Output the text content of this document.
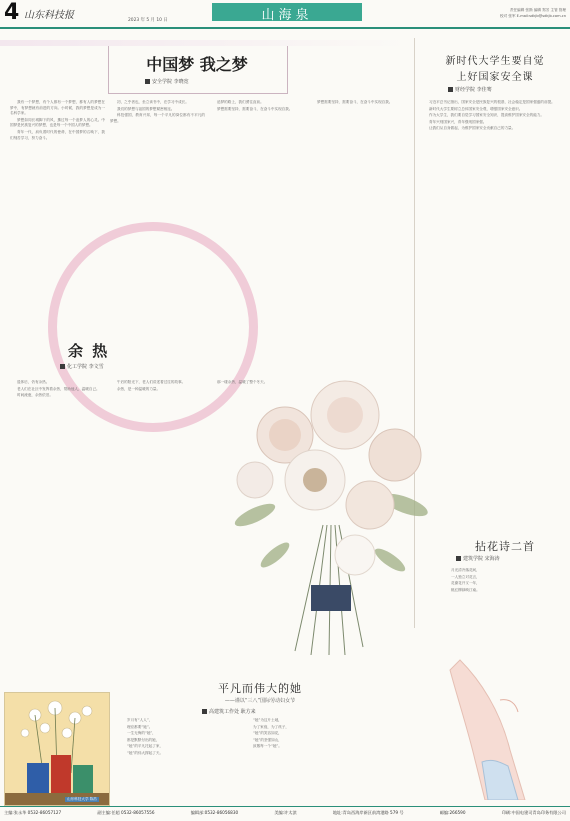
4 山东科技报	2023 年 5 月 10 日	山海泉	责任编辑 张斯 编辑 郑芳 主管 管理
校对 张军 E-mail:sdkjb@sdkjb.com.cn
中国梦 我之梦
安全学院 李晓宽

我有一个梦想，有个人都有一个梦想，都有人的梦想在梦中，有梦想就有前进的方向。小时候，我的梦想是成为一名科学家。

梦想如同长城脚下的风，拂过每一个追梦人的心灵。中国梦是民族复兴的梦想，也是每一个中国人的梦想。

青年一代，肩负着时代的使命，在中国梦的召唤下，我们刻苦学习，努力奋斗。

初，之乎者也，坐立读书中，在学习中成长。

我们的梦想与祖国的梦想紧密相连。

科技强国，教育兴邦，每一个平凡的岗位都有不平凡的梦想。

追梦的路上，我们勇往直前。

梦想需要坚持，需要奋斗，在奋斗中实现自我。

梦想需要坚持，需要奋斗，在奋斗中实现自我。

余 热
化工学院 李文雪

退休后，仍有余热。

老人们在社区中发挥着余热，帮助他人，温暖自己。

时间流逝，余热依旧。

午后的阳光下，老人们讲述着过往的故事。

余热，是一种温暖的力量。

那一缕余热，温暖了整个冬天。

新时代大学生要自觉
上好国家安全课
财经学院 李佳骞

习近平总书记指出，国家安全是民族复兴的根基，社会稳定是国家强盛的前提。

新时代大学生要树立总体国家安全观，增强国家安全意识。

作为大学生，我们要自觉学习国家安全知识，提高维护国家安全的能力。

青年兴则国家兴，青年强则国家强。

让我们从自身做起，为维护国家安全贡献自己的力量。

拈花诗二首
建筑学院 宋海涛

月光清冷落花间，

一人独立对花言，

花谢花开又一年，

桃红柳绿映江南。

平凡而伟大的她
——谨以“三八”国际劳动妇女节
高建筑工作处 耿方来

岁月有“人人”，

理应都要“她”。

一生无悔的“她”，

都是默默付出的她，

“她”的平凡托起了家，

“她”的伟大撑起了天。

“她”为这片土地，

为了家庭，为了孩子，

“她”的笑容如花，

“她”的坚强如山，

致敬每一个“她”。

山东科技大学 陈浩
主编:张永华 0532-86057127	副主编:任超 0532-86057556	编辑部:0532-86056830	美编:许太滨	地址:青岛西海岸新区前湾港路 579 号	邮编:266590	印刷:中国电建司青岛印务有限公司
